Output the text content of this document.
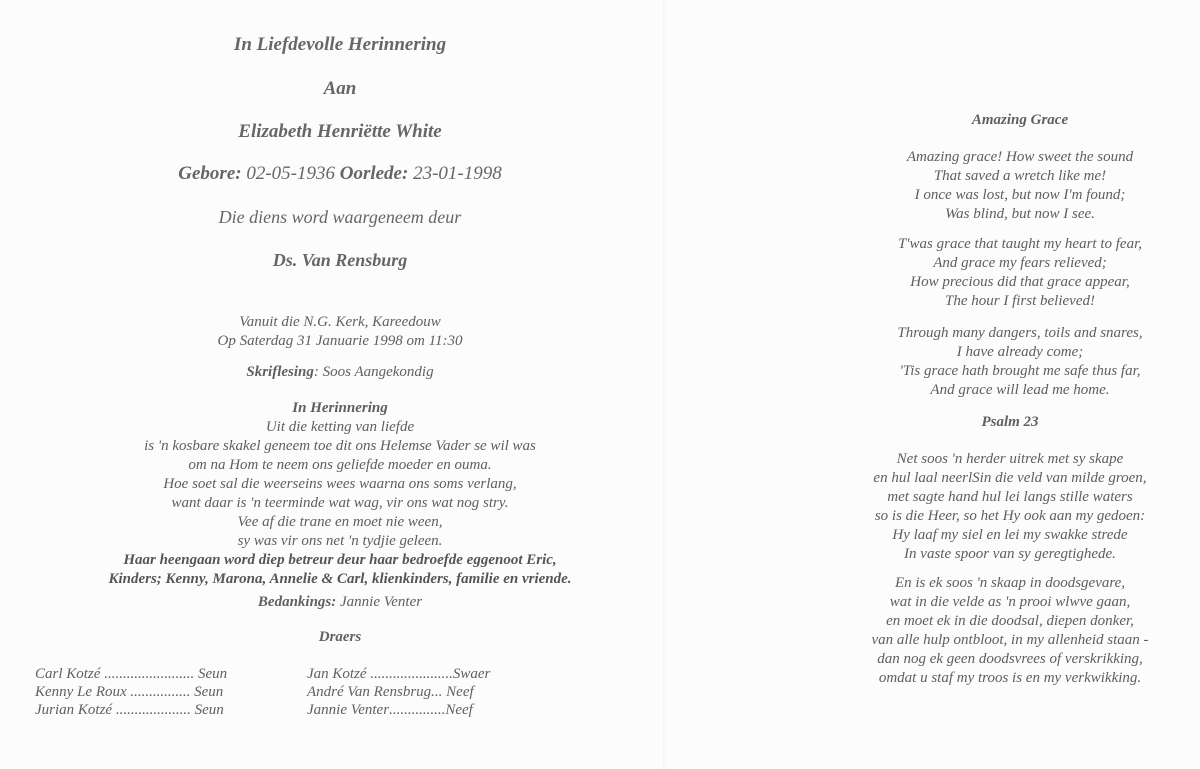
In Liefdevolle Herinnering
Aan
Elizabeth Henriëtte White
Gebore: 02-05-1936 Oorlede: 23-01-1998
Die diens word waargeneem deur
Ds. Van Rensburg
Vanuit die N.G. Kerk, Kareedouw
Op Saterdag 31 Januarie 1998 om 11:30
Skriflesing: Soos Aangekondig
In Herinnering
Uit die ketting van liefde
is 'n kosbare skakel geneem toe dit ons Helemse Vader se wil was
om na Hom te neem ons geliefde moeder en ouma.
Hoe soet sal die weerseins wees waarna ons soms verlang,
want daar is 'n teerminde wat wag, vir ons wat nog stry.
Vee af die trane en moet nie ween,
sy was vir ons net 'n tydjie geleen.
Haar heengaan word diep betreur deur haar bedroefde eggenoot Eric,
Kinders; Kenny, Marona, Annelie & Carl, klienkinders, familie en vriende.
Bedankings: Jannie Venter
Draers
Carl Kotzé
........................
Seun
Kenny Le Roux
................
Seun
Jurian Kotzé
....................
Seun
Jan Kotzé
...................... Swaer
André Van Rensbrug ...
Neef
Jannie Venter ............... Neef
Amazing Grace
Amazing grace! How sweet the sound
That saved a wretch like me!
I once was lost, but now I'm found;
Was blind, but now I see.
T'was grace that taught my heart to fear,
And grace my fears relieved;
How precious did that grace appear,
The hour I first believed!
Through many dangers, toils and snares,
I have already come;
'Tis grace hath brought me safe thus far,
And grace will lead me home.
Psalm 23
Net soos 'n herder uitrek met sy skape
en hul laal neerlSin die veld van milde groen,
met sagte hand hul lei langs stille waters
so is die Heer, so het Hy ook aan my gedoen:
Hy laaf my siel en lei my swakke strede
In vaste spoor van sy geregtighede.
En is ek soos 'n skaap in doodsgevare,
wat in die velde as 'n prooi wlwve gaan,
en moet ek in die doodsal, diepen donker,
van alle hulp ontbloot, in my allenheid staan -
dan nog ek geen doodsvrees of verskrikking,
omdat u staf my troos is en my verkwikking.
